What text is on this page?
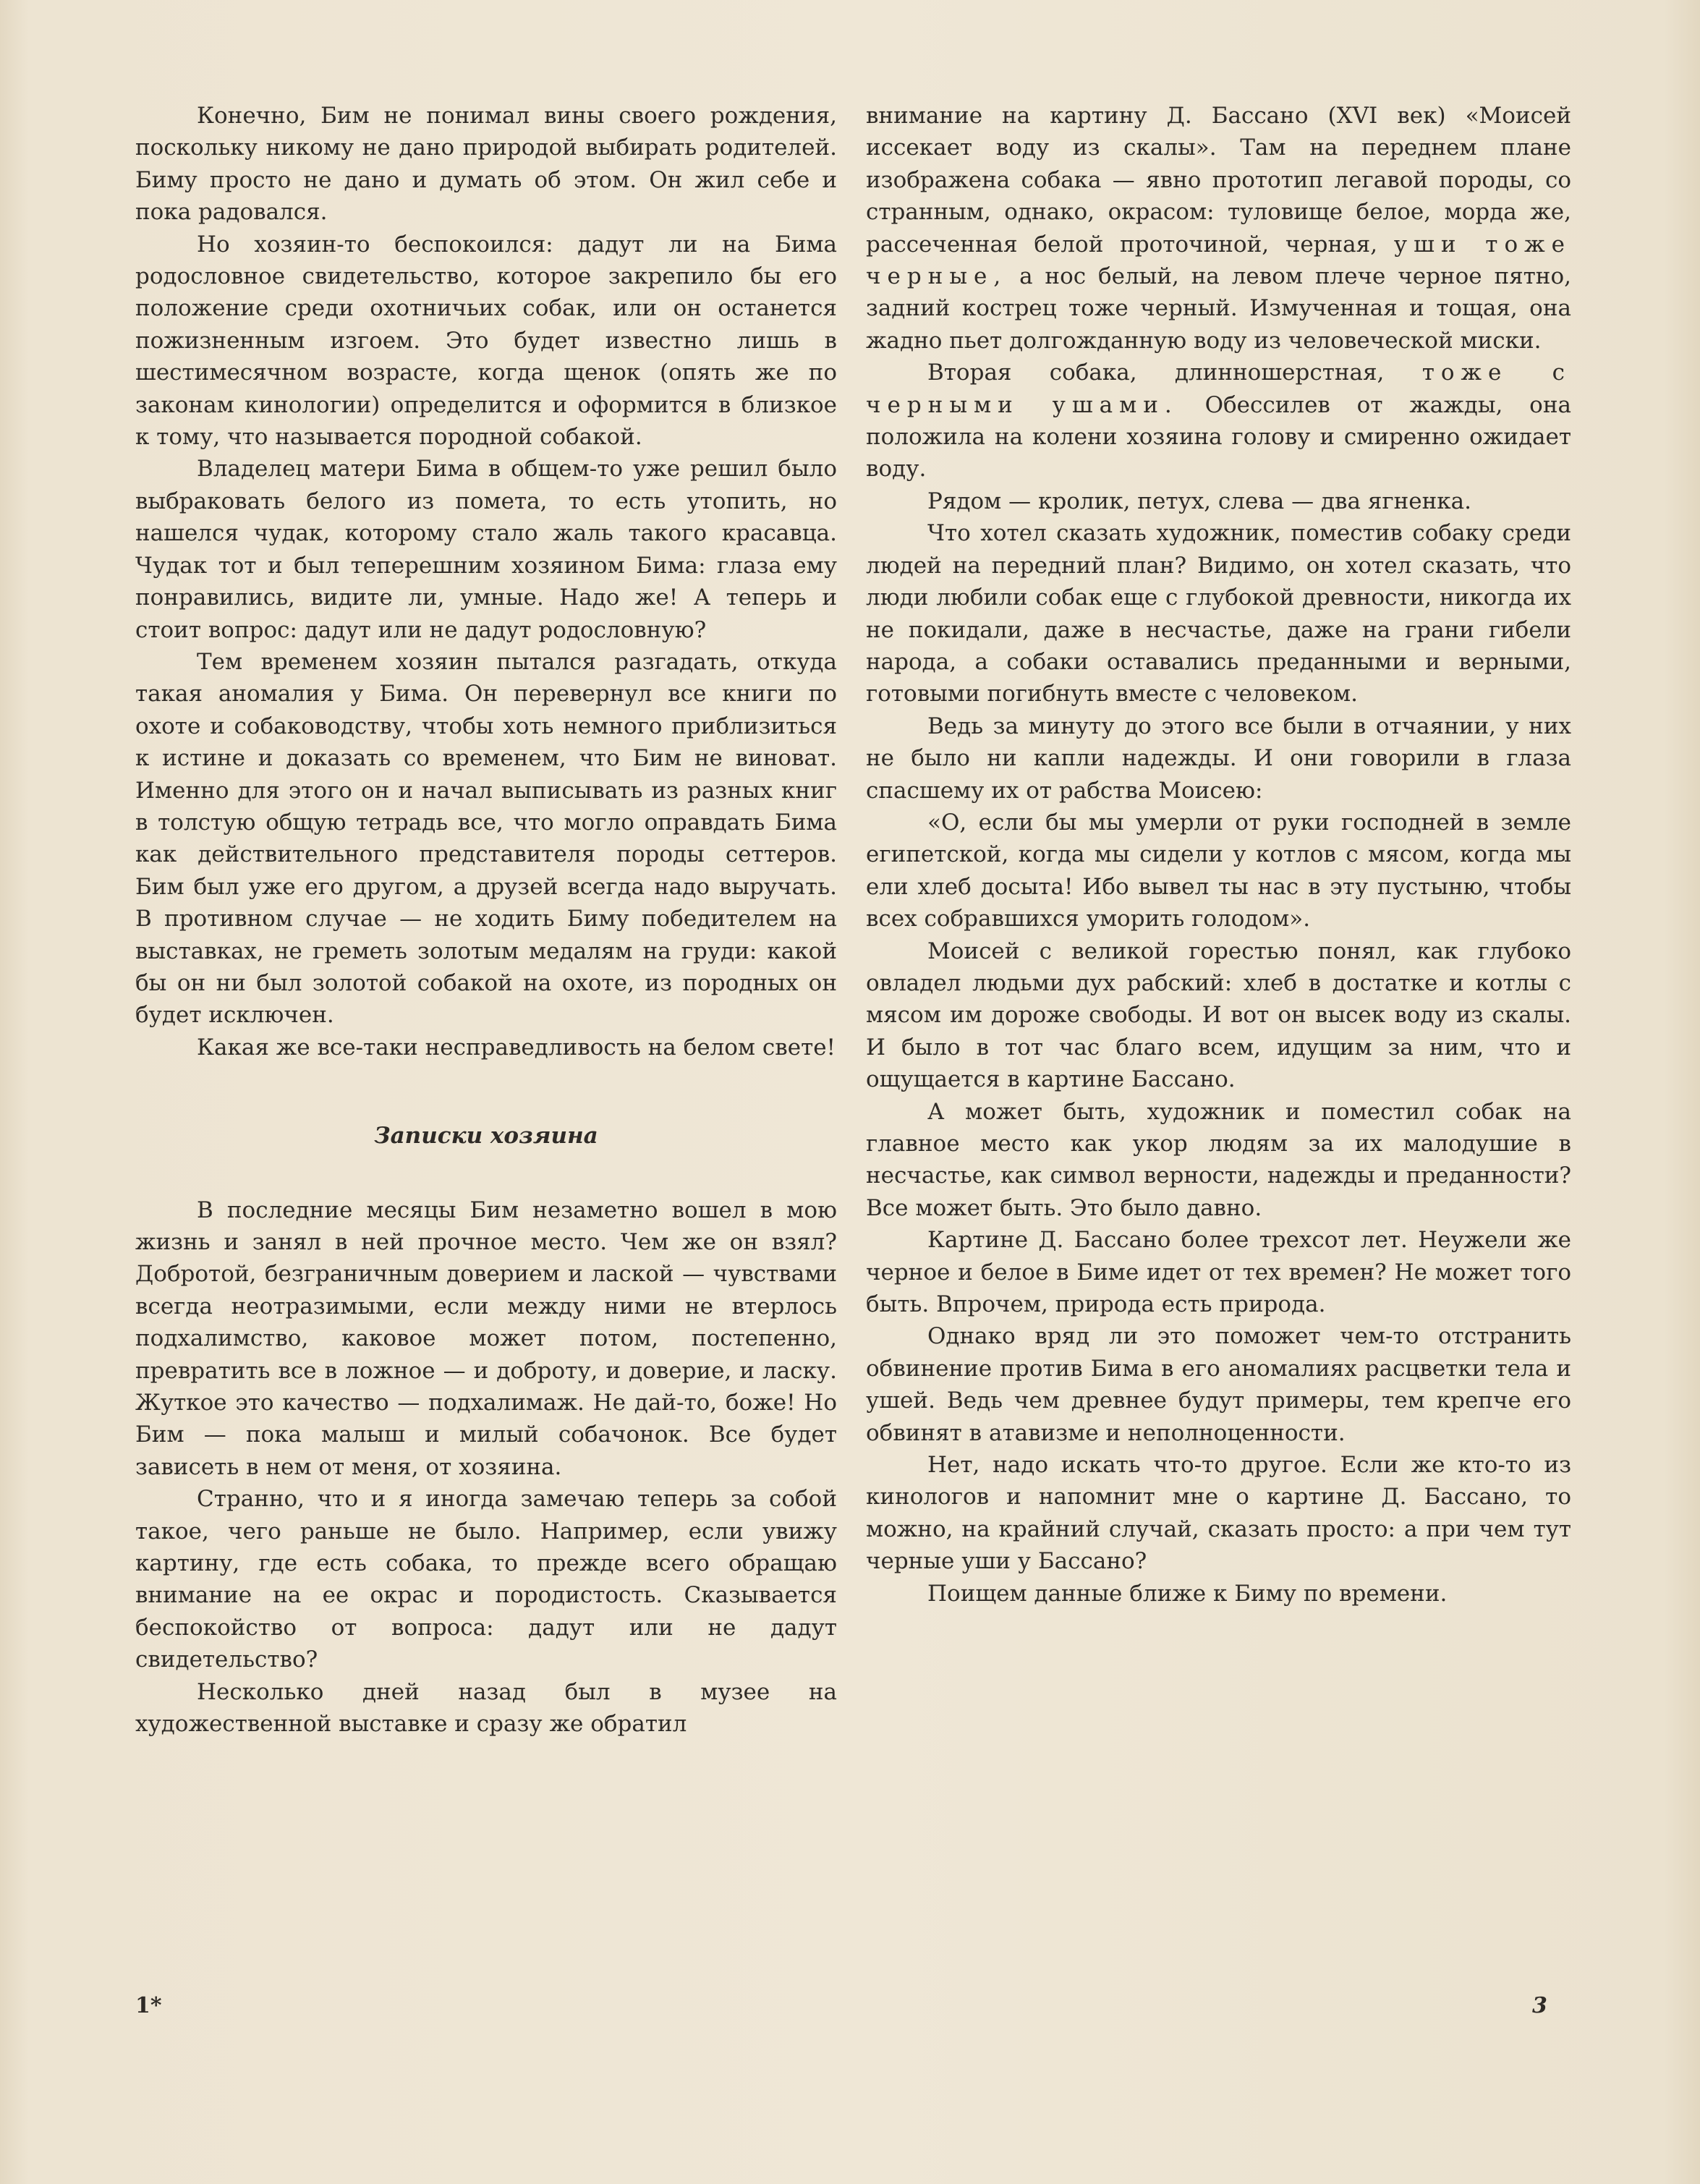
Конечно, Бим не понимал вины своего рождения, поскольку никому не дано природой выбирать родителей. Биму просто не дано и думать об этом. Он жил себе и пока радовался.

Но хозяин-то беспокоился: дадут ли на Бима родословное свидетельство, которое закрепило бы его положение среди охотничьих собак, или он останется пожизненным изгоем. Это будет известно лишь в шестимесячном возрасте, когда щенок (опять же по законам кинологии) определится и оформится в близкое к тому, что называется породной собакой.

Владелец матери Бима в общем-то уже решил было выбраковать белого из помета, то есть утопить, но нашелся чудак, которому стало жаль такого красавца. Чудак тот и был теперешним хозяином Бима: глаза ему понравились, видите ли, умные. Надо же! А теперь и стоит вопрос: дадут или не дадут родословную?

Тем временем хозяин пытался разгадать, откуда такая аномалия у Бима. Он перевернул все книги по охоте и собаководству, чтобы хоть немного приблизиться к истине и доказать со временем, что Бим не виноват. Именно для этого он и начал выписывать из разных книг в толстую общую тетрадь все, что могло оправдать Бима как действительного представителя породы сеттеров. Бим был уже его другом, а друзей всегда надо выручать. В противном случае — не ходить Биму победителем на выставках, не греметь золотым медалям на груди: какой бы он ни был золотой собакой на охоте, из породных он будет исключен.

Какая же все-таки несправедливость на белом свете!

Записки хозяина

В последние месяцы Бим незаметно вошел в мою жизнь и занял в ней прочное место. Чем же он взял? Добротой, безграничным доверием и лаской — чувствами всегда неотразимыми, если между ними не втерлось подхалимство, каковое может потом, постепенно, превратить все в ложное — и доброту, и доверие, и ласку. Жуткое это качество — подхалимаж. Не дай-то, боже! Но Бим — пока малыш и милый собачонок. Все будет зависеть в нем от меня, от хозяина.

Странно, что и я иногда замечаю теперь за собой такое, чего раньше не было. Например, если увижу картину, где есть собака, то прежде всего обращаю внимание на ее окрас и породистость. Сказывается беспокойство от вопроса: дадут или не дадут свидетельство?

Несколько дней назад был в музее на художественной выставке и сразу же обратил

внимание на картину Д. Бассано (XVI век) «Моисей иссекает воду из скалы». Там на переднем плане изображена собака — явно прототип легавой породы, со странным, однако, окрасом: туловище белое, морда же, рассеченная белой проточиной, черная, уши тоже черные, а нос белый, на левом плече черное пятно, задний кострец тоже черный. Измученная и тощая, она жадно пьет долгожданную воду из человеческой миски.

Вторая собака, длинношерстная, тоже с черными ушами. Обессилев от жажды, она положила на колени хозяина голову и смиренно ожидает воду.

Рядом — кролик, петух, слева — два ягненка.

Что хотел сказать художник, поместив собаку среди людей на передний план? Видимо, он хотел сказать, что люди любили собак еще с глубокой древности, никогда их не покидали, даже в несчастье, даже на грани гибели народа, а собаки оставались преданными и верными, готовыми погибнуть вместе с человеком.

Ведь за минуту до этого все были в отчаянии, у них не было ни капли надежды. И они говорили в глаза спасшему их от рабства Моисею:

«О, если бы мы умерли от руки господней в земле египетской, когда мы сидели у котлов с мясом, когда мы ели хлеб досыта! Ибо вывел ты нас в эту пустыню, чтобы всех собравшихся уморить голодом».

Моисей с великой горестью понял, как глубоко овладел людьми дух рабский: хлеб в достатке и котлы с мясом им дороже свободы. И вот он высек воду из скалы. И было в тот час благо всем, идущим за ним, что и ощущается в картине Бассано.

А может быть, художник и поместил собак на главное место как укор людям за их малодушие в несчастье, как символ верности, надежды и преданности? Все может быть. Это было давно.

Картине Д. Бассано более трехсот лет. Неужели же черное и белое в Биме идет от тех времен? Не может того быть. Впрочем, природа есть природа.

Однако вряд ли это поможет чем-то отстранить обвинение против Бима в его аномалиях расцветки тела и ушей. Ведь чем древнее будут примеры, тем крепче его обвинят в атавизме и неполноценности.

Нет, надо искать что-то другое. Если же кто-то из кинологов и напомнит мне о картине Д. Бассано, то можно, на крайний случай, сказать просто: а при чем тут черные уши у Бассано?

Поищем данные ближе к Биму по времени.

1*	3
